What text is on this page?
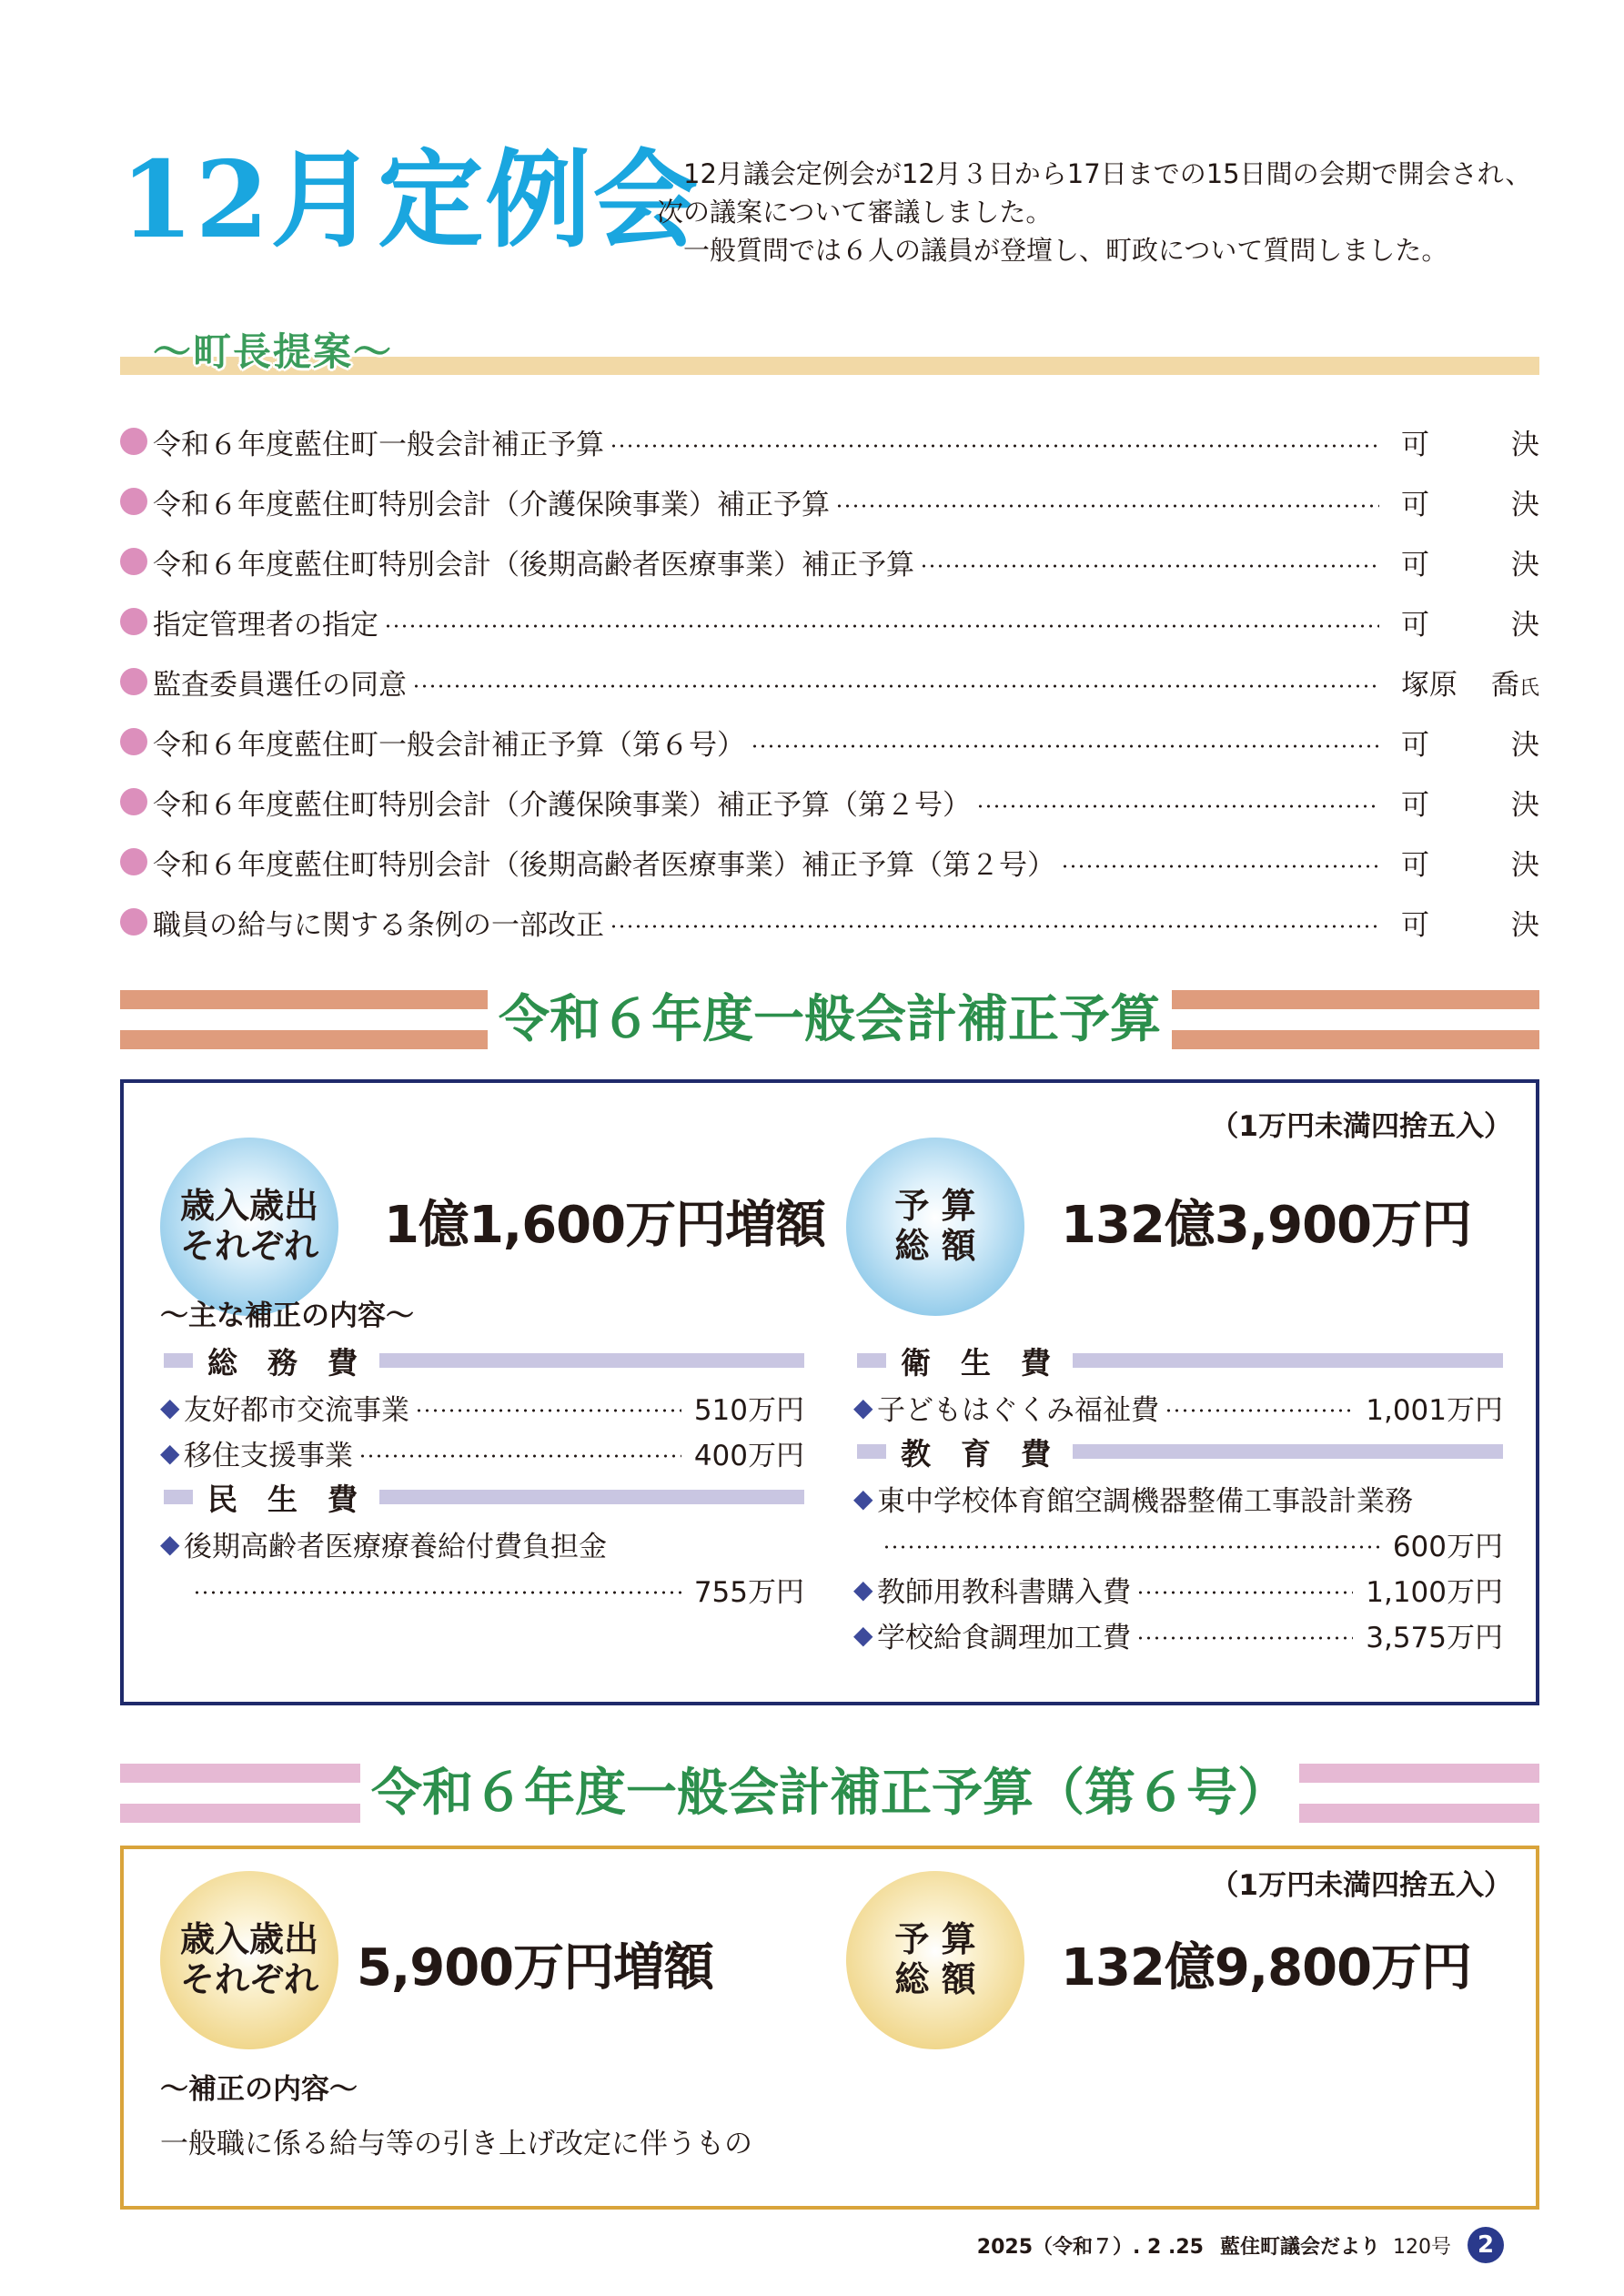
12月定例会

12月議会定例会が12月３日から17日までの15日間の会期で開会され、次の議案について審議しました。

一般質問では６人の議員が登壇し、町政について質問しました。

～町長提案～
令和６年度藍住町一般会計補正予算	可	決
令和６年度藍住町特別会計（介護保険事業）補正予算	可	決
令和６年度藍住町特別会計（後期高齢者医療事業）補正予算	可	決
指定管理者の指定	可	決
監査委員選任の同意	塚原 喬氏
令和６年度藍住町一般会計補正予算（第６号）	可	決
令和６年度藍住町特別会計（介護保険事業）補正予算（第２号）	可	決
令和６年度藍住町特別会計（後期高齢者医療事業）補正予算（第２号）	可	決
職員の給与に関する条例の一部改正	可	決
令和６年度一般会計補正予算
（1万円未満四捨五入）
歳入歳出
それぞれ 1億1,600万円増額 予 算
総 額 132億3,900万円
～主な補正の内容～
総　務　費
◆ 友好都市交流事業	510万円
◆ 移住支援事業	400万円
民　生　費
◆ 後期高齢者医療療養給付費負担金
755万円
衛　生　費
◆ 子どもはぐくみ福祉費	1,001万円
教　育　費
◆ 東中学校体育館空調機器整備工事設計業務
600万円
◆ 教師用教科書購入費	1,100万円
◆ 学校給食調理加工費	3,575万円
令和６年度一般会計補正予算（第６号）
（1万円未満四捨五入）
歳入歳出
それぞれ 5,900万円増額	予 算
総 額 132億9,800万円
～補正の内容～
一般職に係る給与等の引き上げ改定に伴うもの
2025（令和７）. 2 .25 藍住町議会だより 120号	2
